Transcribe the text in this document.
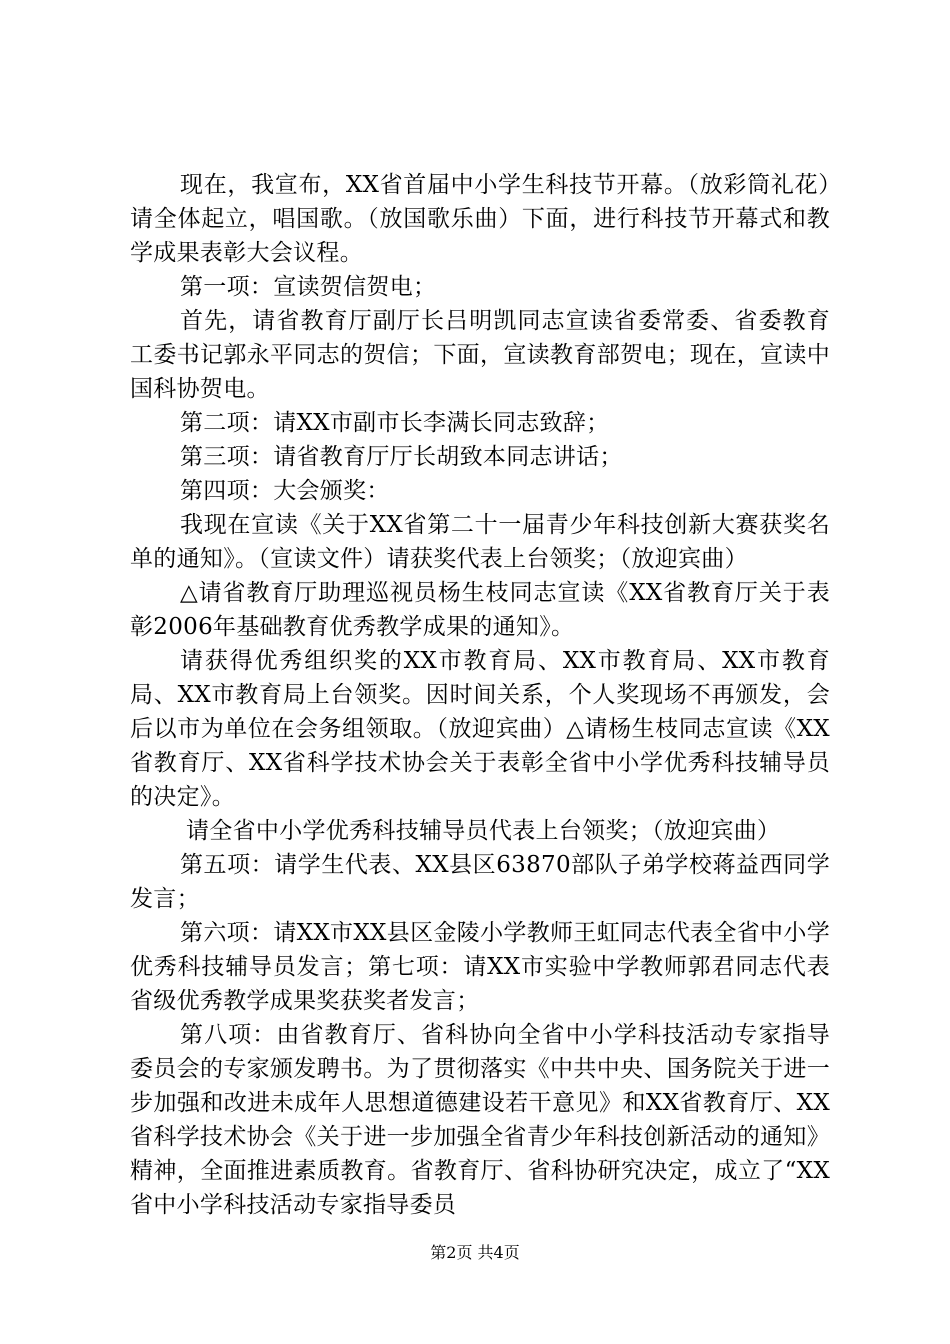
现在，我宣布，XX省首届中小学生科技节开幕。（放彩筒礼花）请全体起立，唱国歌。（放国歌乐曲）下面，进行科技节开幕式和教学成果表彰大会议程。

第一项：宣读贺信贺电；

首先，请省教育厅副厅长吕明凯同志宣读省委常委、省委教育工委书记郭永平同志的贺信；下面，宣读教育部贺电；现在，宣读中国科协贺电。

第二项：请XX市副市长李满长同志致辞；

第三项：请省教育厅厅长胡致本同志讲话；

第四项：大会颁奖：

我现在宣读《关于XX省第二十一届青少年科技创新大赛获奖名单的通知》。（宣读文件）请获奖代表上台领奖；（放迎宾曲）

△请省教育厅助理巡视员杨生枝同志宣读《XX省教育厅关于表彰2006年基础教育优秀教学成果的通知》。

请获得优秀组织奖的XX市教育局、XX市教育局、XX市教育局、XX市教育局上台领奖。因时间关系，个人奖现场不再颁发，会后以市为单位在会务组领取。（放迎宾曲）△请杨生枝同志宣读《XX省教育厅、XX省科学技术协会关于表彰全省中小学优秀科技辅导员的决定》。

请全省中小学优秀科技辅导员代表上台领奖；（放迎宾曲）

第五项：请学生代表、XX县区63870部队子弟学校蒋益西同学发言；

第六项：请XX市XX县区金陵小学教师王虹同志代表全省中小学优秀科技辅导员发言；第七项：请XX市实验中学教师郭君同志代表省级优秀教学成果奖获奖者发言；

第八项：由省教育厅、省科协向全省中小学科技活动专家指导委员会的专家颁发聘书。为了贯彻落实《中共中央、国务院关于进一步加强和改进未成年人思想道德建设若干意见》和XX省教育厅、XX省科学技术协会《关于进一步加强全省青少年科技创新活动的通知》精神，全面推进素质教育。省教育厅、省科协研究决定，成立了“XX省中小学科技活动专家指导委员

第2页 共4页
